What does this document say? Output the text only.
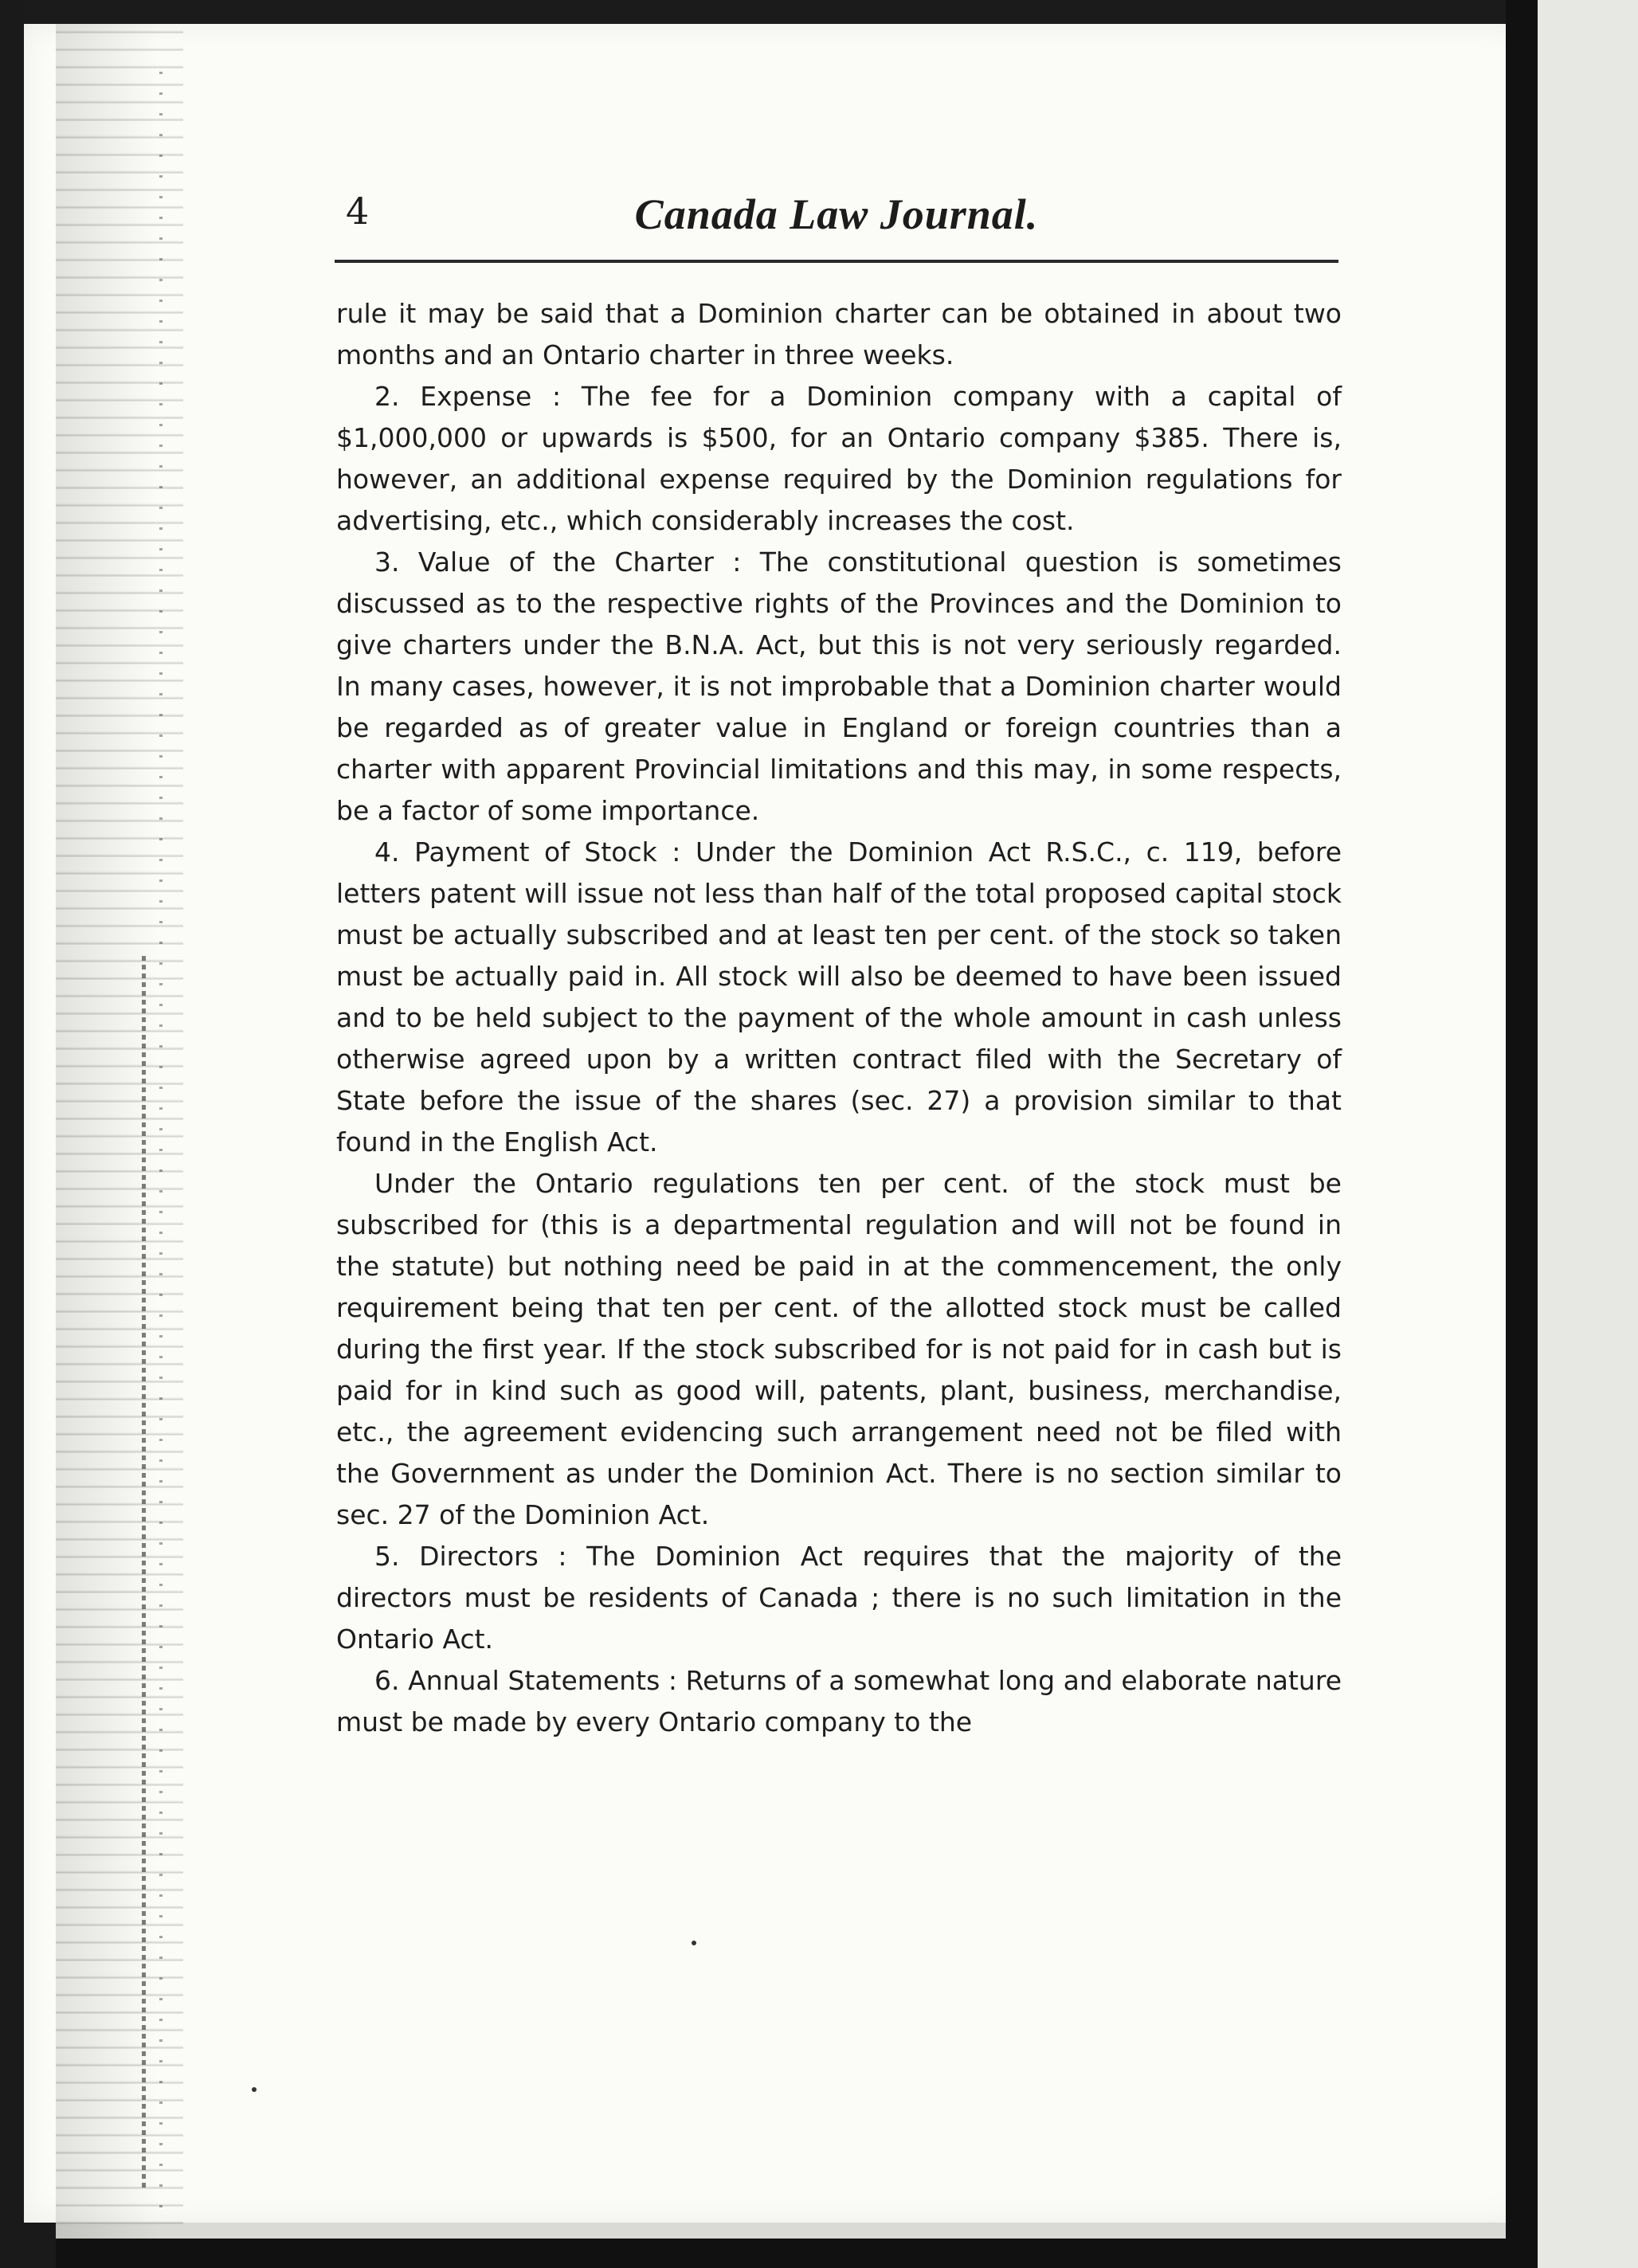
4	Canada Law Journal.

rule it may be said that a Dominion charter can be obtained in about two months and an Ontario charter in three weeks.

2. Expense : The fee for a Dominion company with a capital of $1,000,000 or upwards is $500, for an Ontario company $385. There is, however, an additional expense required by the Dominion regulations for advertising, etc., which considerably increases the cost.

3. Value of the Charter : The constitutional question is sometimes discussed as to the respective rights of the Provinces and the Dominion to give charters under the B.N.A. Act, but this is not very seriously regarded. In many cases, however, it is not improbable that a Dominion charter would be regarded as of greater value in England or foreign countries than a charter with apparent Provincial limitations and this may, in some respects, be a factor of some importance.

4. Payment of Stock : Under the Dominion Act R.S.C., c. 119, before letters patent will issue not less than half of the total proposed capital stock must be actually subscribed and at least ten per cent. of the stock so taken must be actually paid in. All stock will also be deemed to have been issued and to be held subject to the payment of the whole amount in cash unless otherwise agreed upon by a written contract filed with the Secretary of State before the issue of the shares (sec. 27) a provision similar to that found in the English Act.

Under the Ontario regulations ten per cent. of the stock must be subscribed for (this is a departmental regulation and will not be found in the statute) but nothing need be paid in at the commencement, the only requirement being that ten per cent. of the allotted stock must be called during the first year. If the stock subscribed for is not paid for in cash but is paid for in kind such as good will, patents, plant, business, merchandise, etc., the agreement evidencing such arrangement need not be filed with the Government as under the Dominion Act. There is no section similar to sec. 27 of the Dominion Act.

5. Directors : The Dominion Act requires that the majority of the directors must be residents of Canada ; there is no such limitation in the Ontario Act.

6. Annual Statements : Returns of a somewhat long and elaborate nature must be made by every Ontario company to the
